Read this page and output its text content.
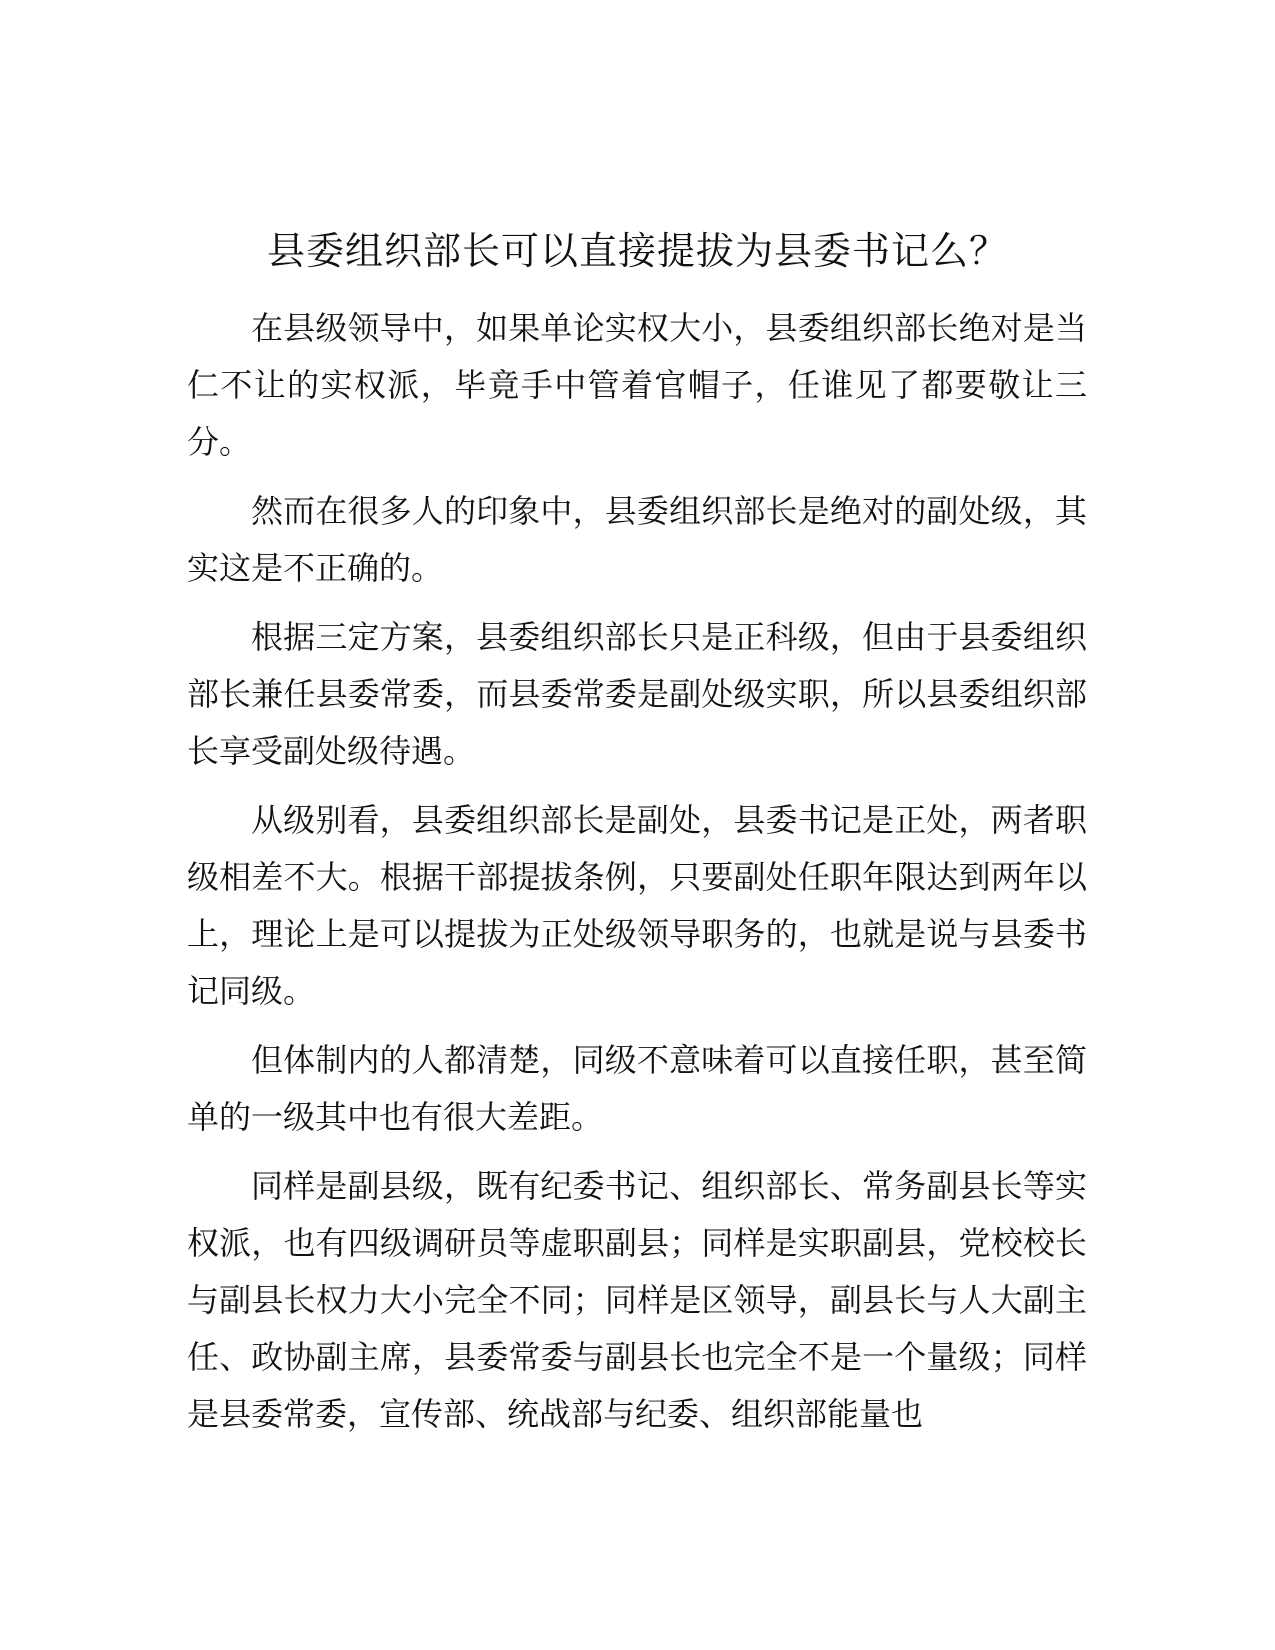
县委组织部长可以直接提拔为县委书记么？

在县级领导中，如果单论实权大小，县委组织部长绝对是当仁不让的实权派，毕竟手中管着官帽子，任谁见了都要敬让三分。

然而在很多人的印象中，县委组织部长是绝对的副处级，其实这是不正确的。

根据三定方案，县委组织部长只是正科级，但由于县委组织部长兼任县委常委，而县委常委是副处级实职，所以县委组织部长享受副处级待遇。

从级别看，县委组织部长是副处，县委书记是正处，两者职级相差不大。根据干部提拔条例，只要副处任职年限达到两年以上，理论上是可以提拔为正处级领导职务的，也就是说与县委书记同级。

但体制内的人都清楚，同级不意味着可以直接任职，甚至简单的一级其中也有很大差距。

同样是副县级，既有纪委书记、组织部长、常务副县长等实权派，也有四级调研员等虚职副县；同样是实职副县，党校校长与副县长权力大小完全不同；同样是区领导，副县长与人大副主任、政协副主席，县委常委与副县长也完全不是一个量级；同样是县委常委，宣传部、统战部与纪委、组织部能量也
